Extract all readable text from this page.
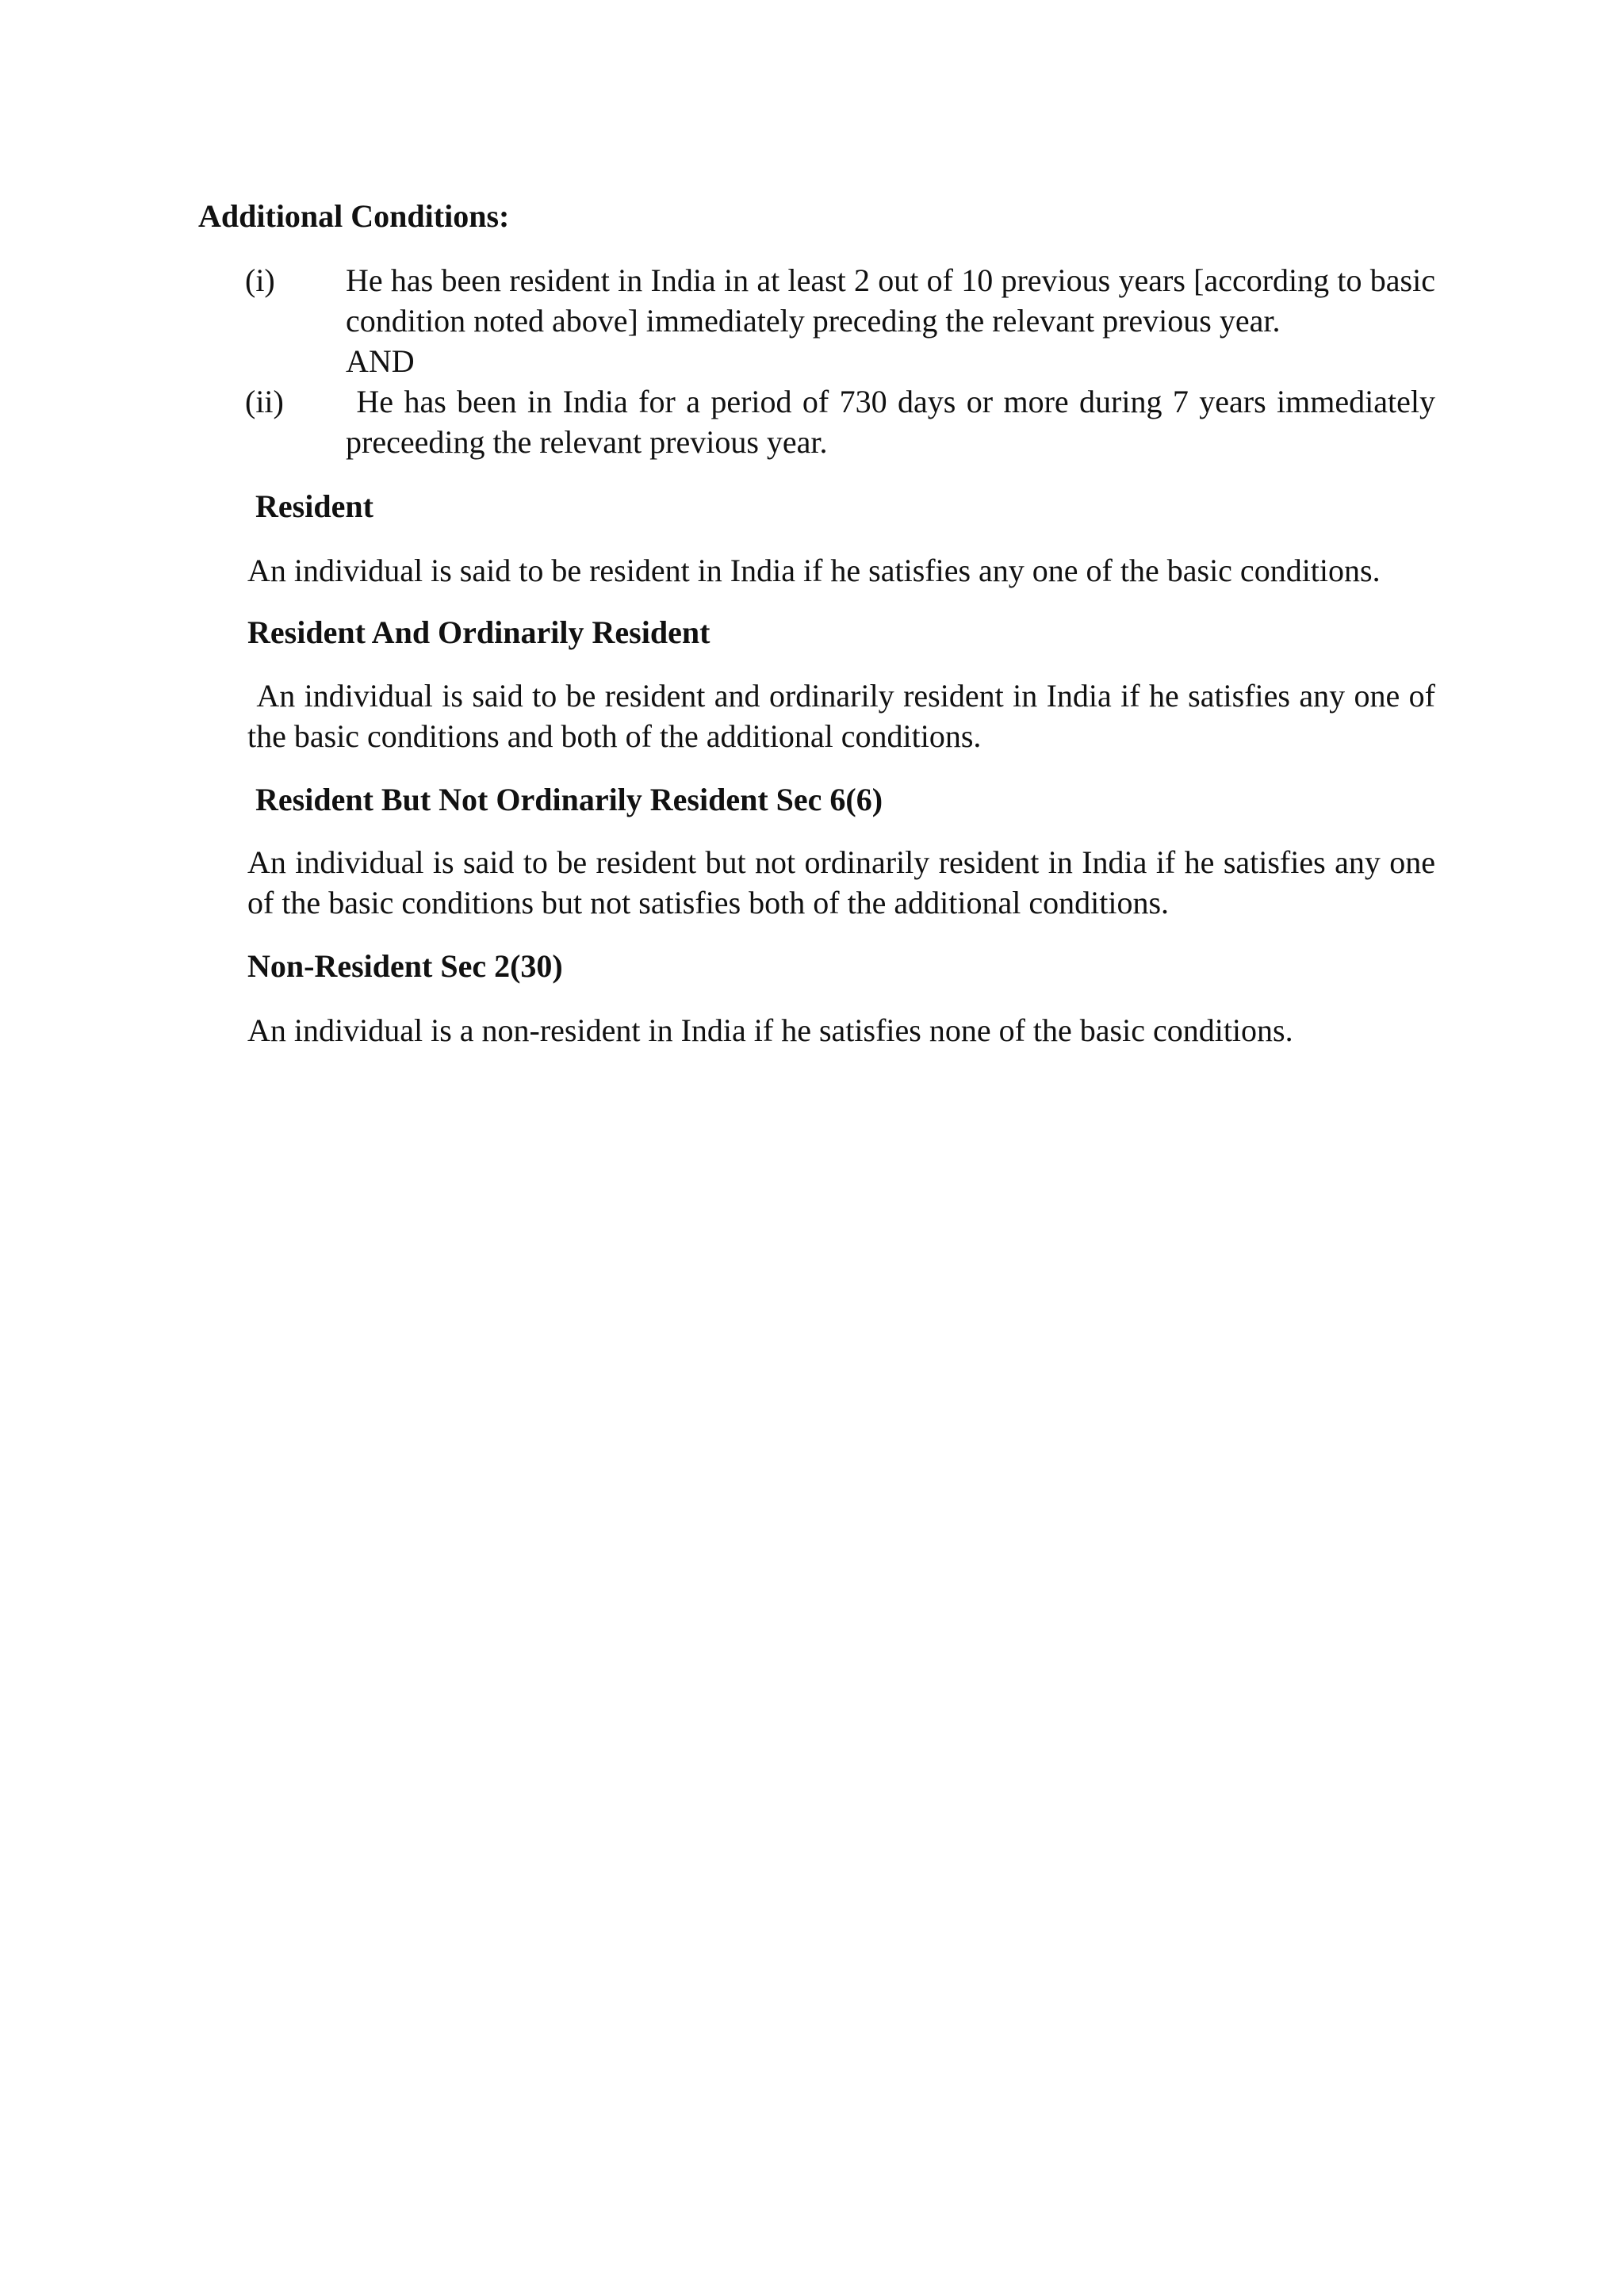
Additional Conditions:
(i) He has been resident in India in at least 2 out of 10 previous years [according to basic condition noted above] immediately preceding the relevant previous year.
AND
(ii) He has been in India for a period of 730 days or more during 7 years immediately preceeding the relevant previous year.
Resident
An individual is said to be resident in India if he satisfies any one of the basic conditions.
Resident And Ordinarily Resident
An individual is said to be resident and ordinarily resident in India if he satisfies any one of the basic conditions and both of the additional conditions.
Resident But Not Ordinarily Resident Sec 6(6)
An individual is said to be resident but not ordinarily resident in India if he satisfies any one of the basic conditions but not satisfies both of the additional conditions.
Non-Resident Sec 2(30)
An individual is a non-resident in India if he satisfies none of the basic conditions.
